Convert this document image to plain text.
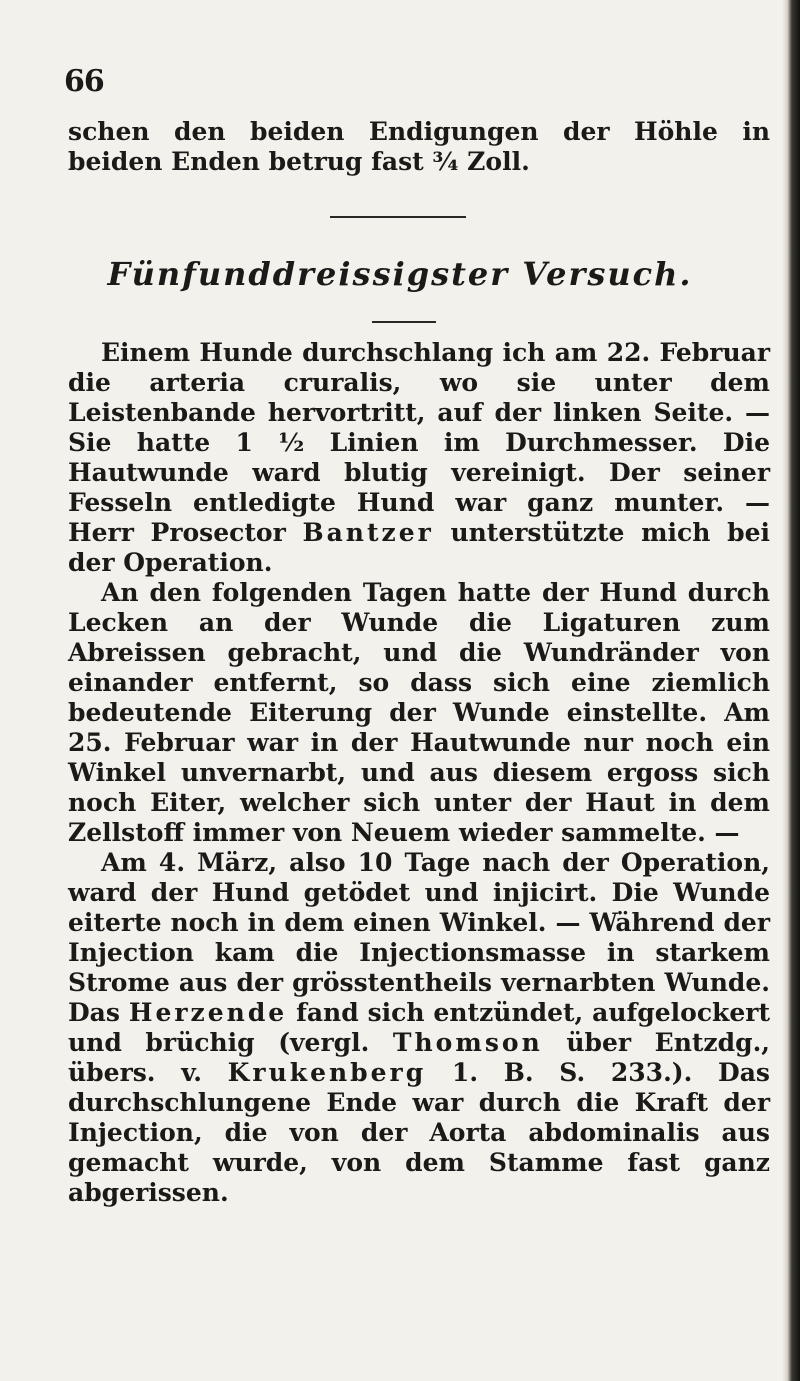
66

schen den beiden Endigungen der Höhle in beiden Enden betrug fast ¾ Zoll.

Fünfunddreissigster Versuch.

Einem Hunde durchschlang ich am 22. Februar die arteria cruralis, wo sie unter dem Leistenbande hervortritt, auf der linken Seite. — Sie hatte 1 ½ Linien im Durchmesser. Die Hautwunde ward blutig vereinigt. Der seiner Fesseln entledigte Hund war ganz munter. — Herr Prosector Bantzer unterstützte mich bei der Operation.

An den folgenden Tagen hatte der Hund durch Lecken an der Wunde die Ligaturen zum Abreissen gebracht, und die Wundränder von einander entfernt, so dass sich eine ziemlich bedeutende Eiterung der Wunde einstellte. Am 25. Februar war in der Hautwunde nur noch ein Winkel unvernarbt, und aus diesem ergoss sich noch Eiter, welcher sich unter der Haut in dem Zellstoff immer von Neuem wieder sammelte. —

Am 4. März, also 10 Tage nach der Operation, ward der Hund getödet und injicirt. Die Wunde eiterte noch in dem einen Winkel. — Während der Injection kam die Injectionsmasse in starkem Strome aus der grösstentheils vernarbten Wunde. Das Herzende fand sich entzündet, aufgelockert und brüchig (vergl. Thomson über Entzdg., übers. v. Krukenberg 1. B. S. 233.). Das durchschlungene Ende war durch die Kraft der Injection, die von der Aorta abdominalis aus gemacht wurde, von dem Stamme fast ganz abgerissen.
